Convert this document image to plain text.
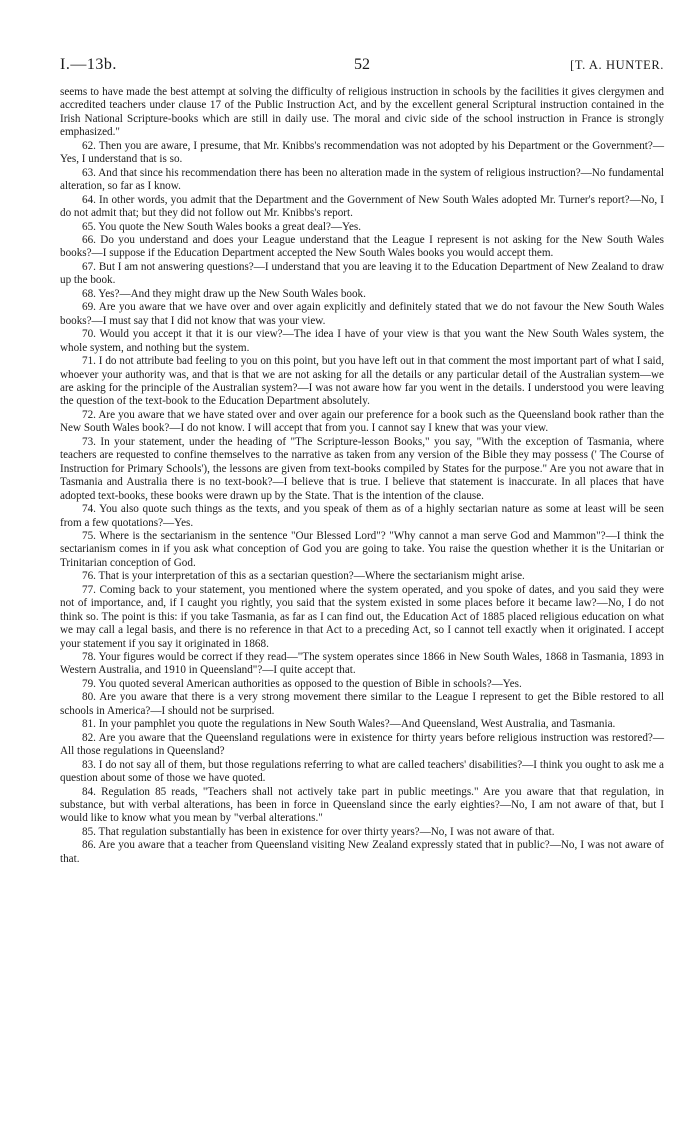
I.—13b.	52	[T. A. HUNTER.

seems to have made the best attempt at solving the difficulty of religious instruction in schools by the facilities it gives clergymen and accredited teachers under clause 17 of the Public Instruction Act, and by the excellent general Scriptural instruction contained in the Irish National Scripture-books which are still in daily use. The moral and civic side of the school instruction in France is strongly emphasized."

62. Then you are aware, I presume, that Mr. Knibbs's recommendation was not adopted by his Department or the Government?—Yes, I understand that is so.

63. And that since his recommendation there has been no alteration made in the system of religious instruction?—No fundamental alteration, so far as I know.

64. In other words, you admit that the Department and the Government of New South Wales adopted Mr. Turner's report?—No, I do not admit that; but they did not follow out Mr. Knibbs's report.

65. You quote the New South Wales books a great deal?—Yes.

66. Do you understand and does your League understand that the League I represent is not asking for the New South Wales books?—I suppose if the Education Department accepted the New South Wales books you would accept them.

67. But I am not answering questions?—I understand that you are leaving it to the Education Department of New Zealand to draw up the book.

68. Yes?—And they might draw up the New South Wales book.

69. Are you aware that we have over and over again explicitly and definitely stated that we do not favour the New South Wales books?—I must say that I did not know that was your view.

70. Would you accept it that it is our view?—The idea I have of your view is that you want the New South Wales system, the whole system, and nothing but the system.

71. I do not attribute bad feeling to you on this point, but you have left out in that comment the most important part of what I said, whoever your authority was, and that is that we are not asking for all the details or any particular detail of the Australian system—we are asking for the principle of the Australian system?—I was not aware how far you went in the details. I understood you were leaving the question of the text-book to the Education Department absolutely.

72. Are you aware that we have stated over and over again our preference for a book such as the Queensland book rather than the New South Wales book?—I do not know. I will accept that from you. I cannot say I knew that was your view.

73. In your statement, under the heading of "The Scripture-lesson Books," you say, "With the exception of Tasmania, where teachers are requested to confine themselves to the narrative as taken from any version of the Bible they may possess (' The Course of Instruction for Primary Schools'), the lessons are given from text-books compiled by States for the purpose." Are you not aware that in Tasmania and Australia there is no text-book?—I believe that is true. I believe that statement is inaccurate. In all places that have adopted text-books, these books were drawn up by the State. That is the intention of the clause.

74. You also quote such things as the texts, and you speak of them as of a highly sectarian nature as some at least will be seen from a few quotations?—Yes.

75. Where is the sectarianism in the sentence "Our Blessed Lord"? "Why cannot a man serve God and Mammon"?—I think the sectarianism comes in if you ask what conception of God you are going to take. You raise the question whether it is the Unitarian or Trinitarian conception of God.

76. That is your interpretation of this as a sectarian question?—Where the sectarianism might arise.

77. Coming back to your statement, you mentioned where the system operated, and you spoke of dates, and you said they were not of importance, and, if I caught you rightly, you said that the system existed in some places before it became law?—No, I do not think so. The point is this: if you take Tasmania, as far as I can find out, the Education Act of 1885 placed religious education on what we may call a legal basis, and there is no reference in that Act to a preceding Act, so I cannot tell exactly when it originated. I accept your statement if you say it originated in 1868.

78. Your figures would be correct if they read—"The system operates since 1866 in New South Wales, 1868 in Tasmania, 1893 in Western Australia, and 1910 in Queensland"?—I quite accept that.

79. You quoted several American authorities as opposed to the question of Bible in schools?—Yes.

80. Are you aware that there is a very strong movement there similar to the League I represent to get the Bible restored to all schools in America?—I should not be surprised.

81. In your pamphlet you quote the regulations in New South Wales?—And Queensland, West Australia, and Tasmania.

82. Are you aware that the Queensland regulations were in existence for thirty years before religious instruction was restored?—All those regulations in Queensland?

83. I do not say all of them, but those regulations referring to what are called teachers' disabilities?—I think you ought to ask me a question about some of those we have quoted.

84. Regulation 85 reads, "Teachers shall not actively take part in public meetings." Are you aware that that regulation, in substance, but with verbal alterations, has been in force in Queensland since the early eighties?—No, I am not aware of that, but I would like to know what you mean by "verbal alterations."

85. That regulation substantially has been in existence for over thirty years?—No, I was not aware of that.

86. Are you aware that a teacher from Queensland visiting New Zealand expressly stated that in public?—No, I was not aware of that.
